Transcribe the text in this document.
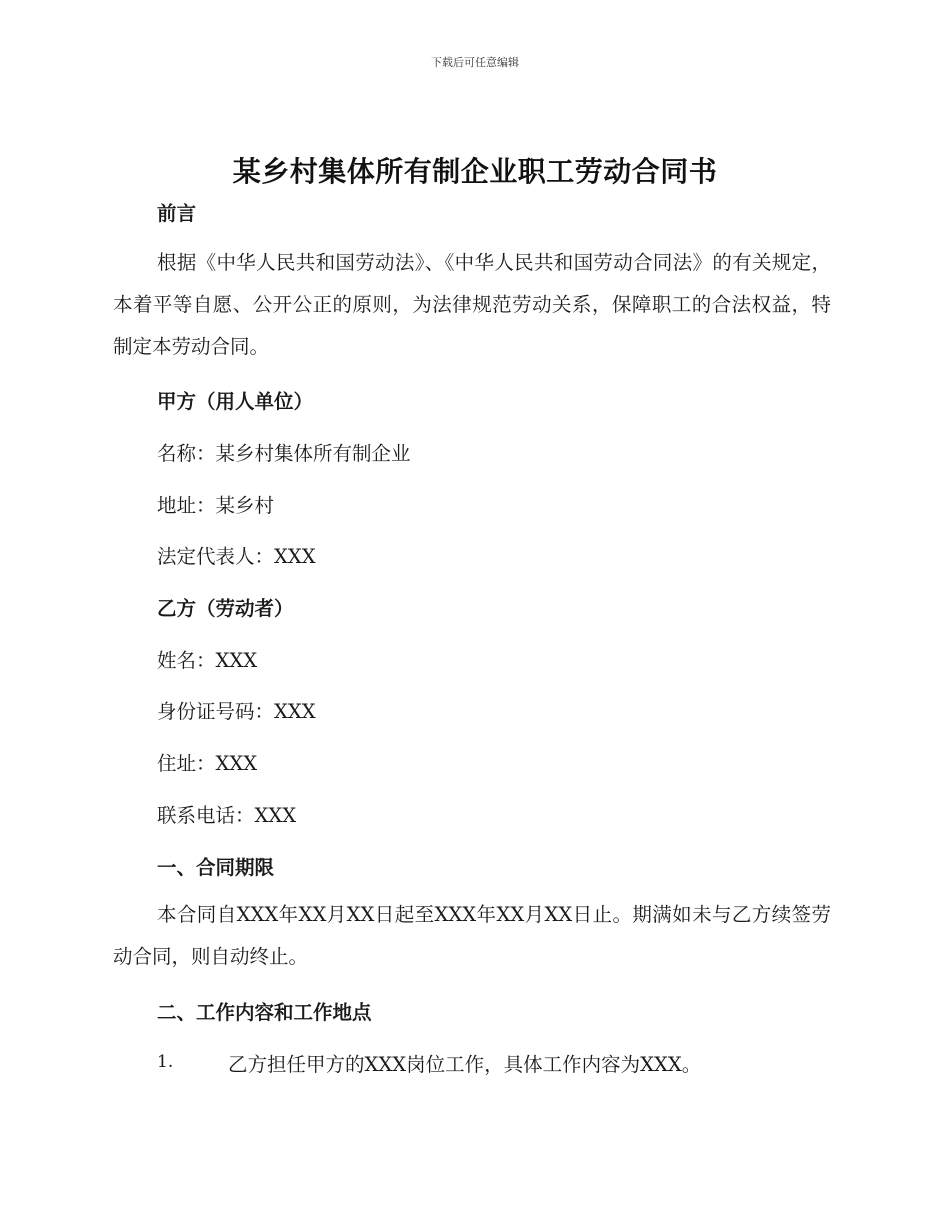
下载后可任意编辑
某乡村集体所有制企业职工劳动合同书
前言
根据《中华人民共和国劳动法》、《中华人民共和国劳动合同法》的有关规定，本着平等自愿、公开公正的原则，为法律规范劳动关系，保障职工的合法权益，特制定本劳动合同。
甲方（用人单位）
名称：某乡村集体所有制企业
地址：某乡村
法定代表人：XXX
乙方（劳动者）
姓名：XXX
身份证号码：XXX
住址：XXX
联系电话：XXX
一、合同期限
本合同自XXX年XX月XX日起至XXX年XX月XX日止。期满如未与乙方续签劳动合同，则自动终止。
二、工作内容和工作地点
1.	乙方担任甲方的XXX岗位工作，具体工作内容为XXX。
